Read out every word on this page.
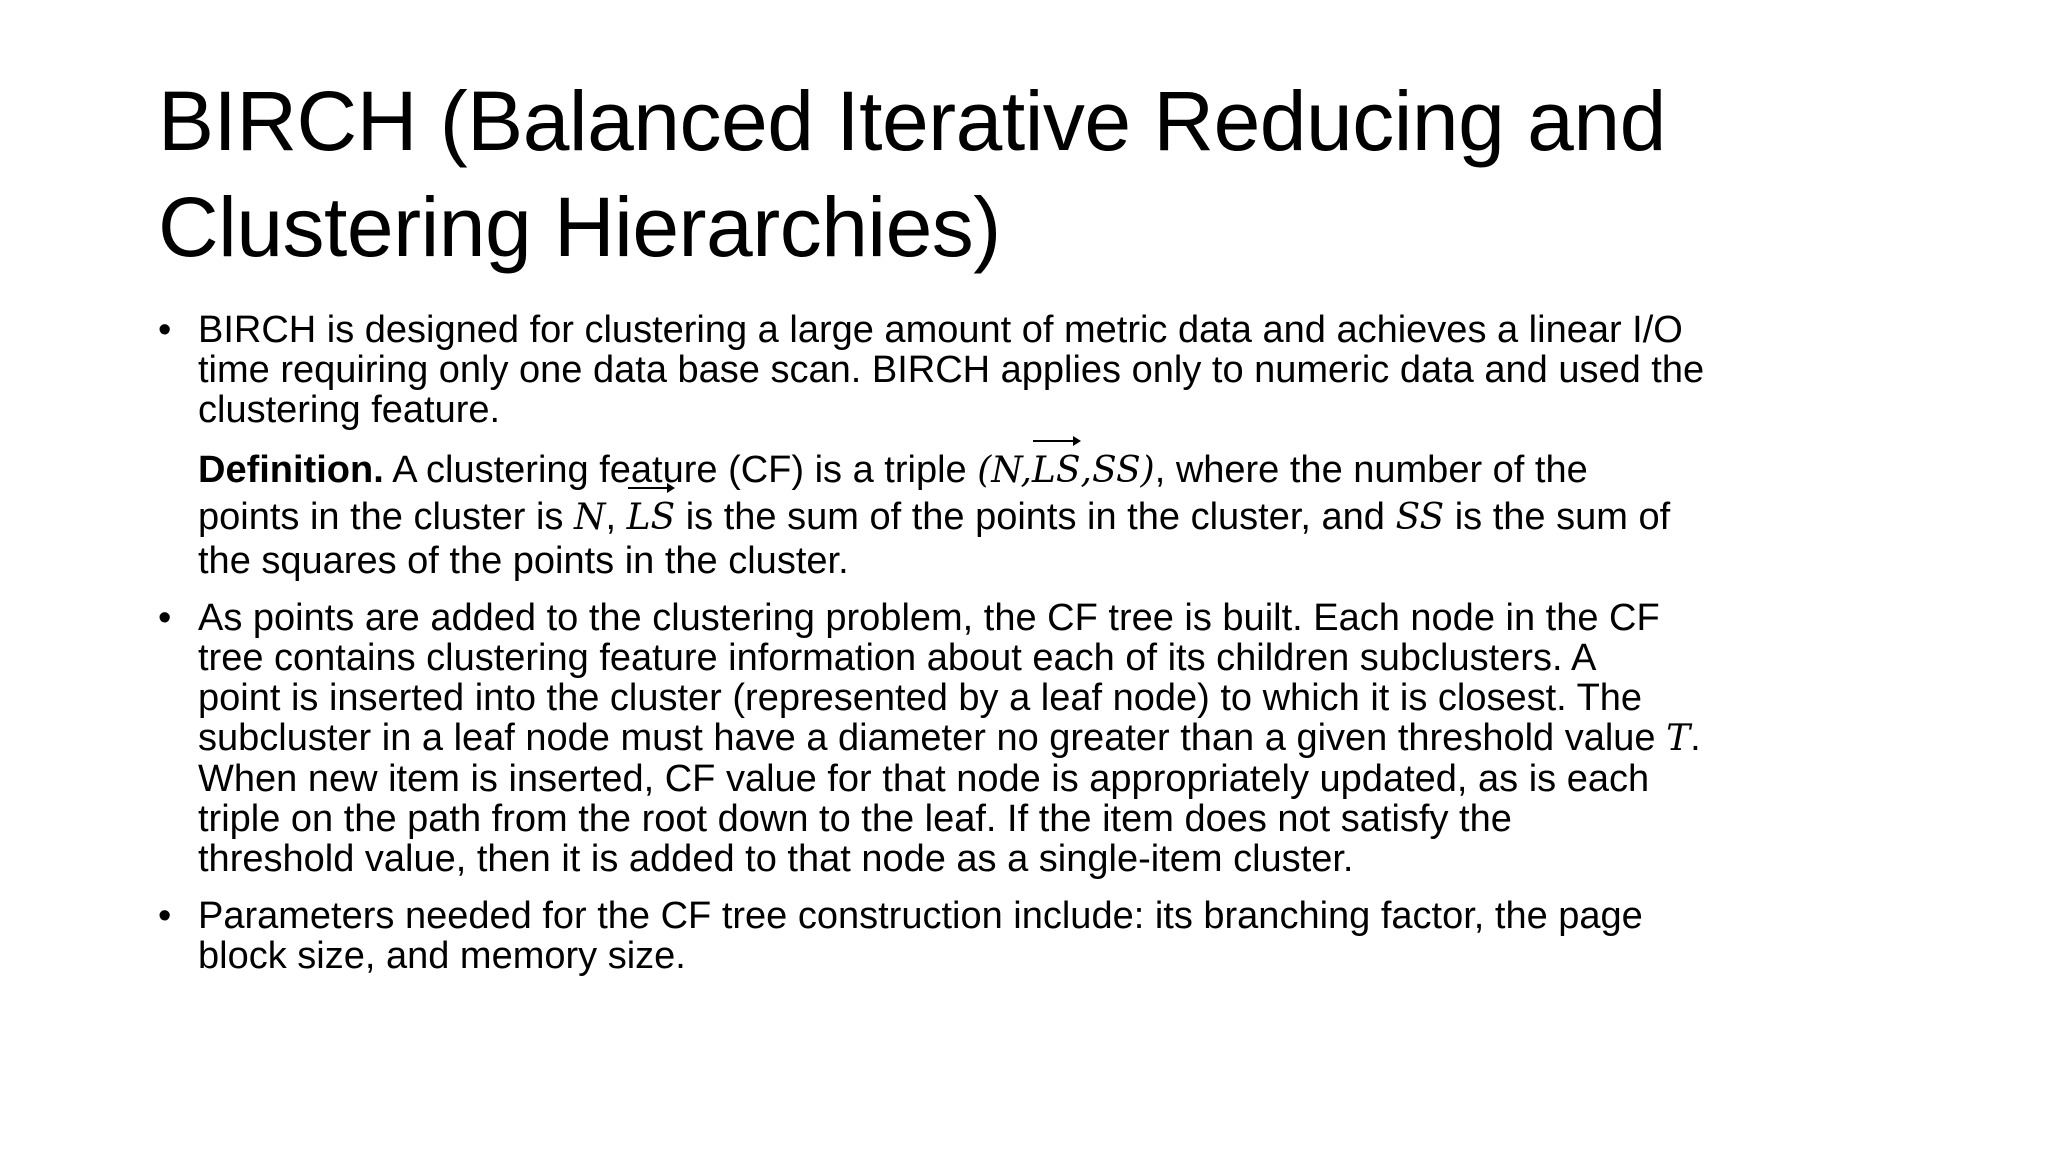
BIRCH (Balanced Iterative Reducing and
Clustering Hierarchies)
• BIRCH is designed for clustering a large amount of metric data and achieves a linear I/O
time requiring only one data base scan. BIRCH applies only to numeric data and used the
clustering feature.
Definition. A clustering feature (CF) is a triple (N,
LS,SS), where the number of the
points in the cluster is N,
LS is the sum of the points in the cluster, and SS is the sum of
the squares of the points in the cluster.
• As points are added to the clustering problem, the CF tree is built. Each node in the CF
tree contains clustering feature information about each of its children subclusters. A
point is inserted into the cluster (represented by a leaf node) to which it is closest. The
subcluster in a leaf node must have a diameter no greater than a given threshold value T.
When new item is inserted, CF value for that node is appropriately updated, as is each
triple on the path from the root down to the leaf. If the item does not satisfy the
threshold value, then it is added to that node as a single-item cluster.
• Parameters needed for the CF tree construction include: its branching factor, the page
block size, and memory size.
